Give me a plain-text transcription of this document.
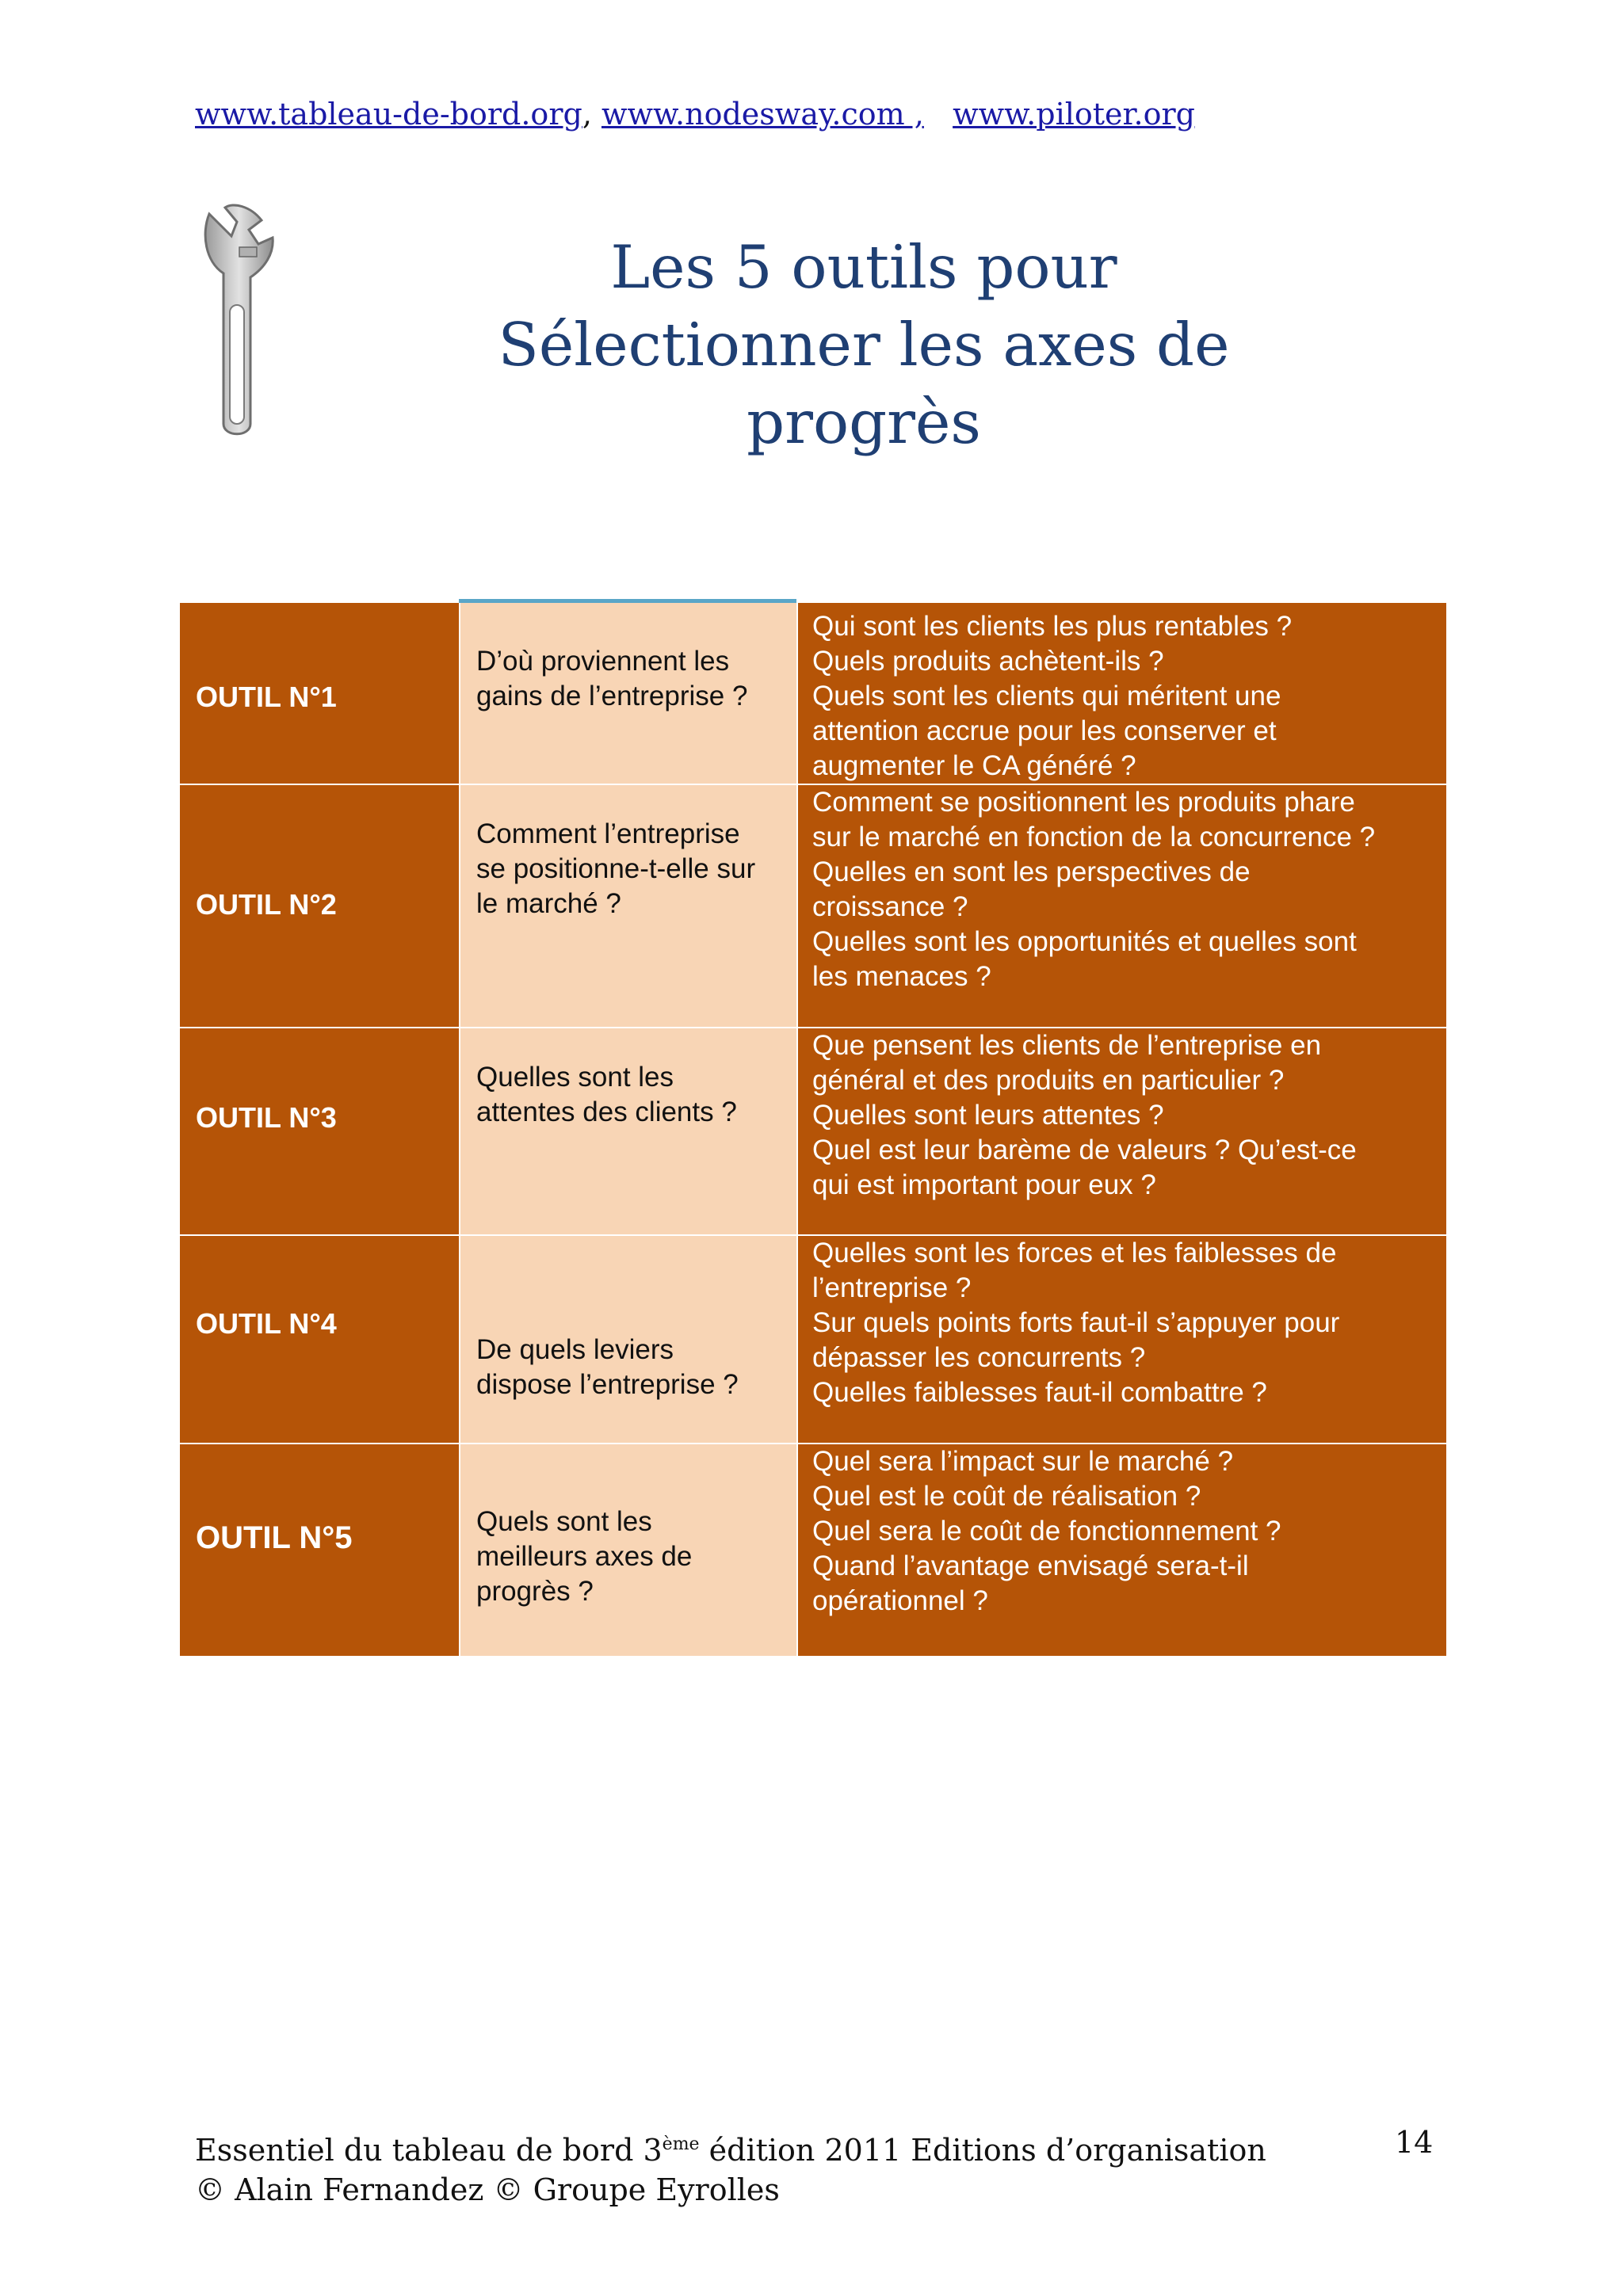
www.tableau-de-bord.org, www.nodesway.com , www.piloter.org
Les 5 outils pour
Sélectionner les axes de progrès
OUTIL N°1
D’où proviennent les
gains de l’entreprise ?
Qui sont les clients les plus rentables ?
Quels produits achètent-ils ?
Quels sont les clients qui méritent une
attention accrue pour les conserver et
augmenter le CA généré ?
OUTIL N°2
Comment l’entreprise
se positionne-t-elle sur
le marché ?
Comment se positionnent les produits phare
sur le marché en fonction de la concurrence ?
Quelles en sont les perspectives de
croissance ?
Quelles sont les opportunités et quelles sont
les menaces ?
OUTIL N°3
Quelles sont les
attentes des clients ?
Que pensent les clients de l’entreprise en
général et des produits en particulier ?
Quelles sont leurs attentes ?
Quel est leur barème de valeurs ? Qu’est-ce
qui est important pour eux ?
OUTIL N°4
De quels leviers
dispose l’entreprise ?
Quelles sont les forces et les faiblesses de
l’entreprise ?
Sur quels points forts faut-il s’appuyer pour
dépasser les concurrents ?
Quelles faiblesses faut-il combattre ?
OUTIL N°5	Quels sont les
meilleurs axes de
progrès ?
Quel sera l’impact sur le marché ?
Quel est le coût de réalisation ?
Quel sera le coût de fonctionnement ?
Quand l’avantage envisagé sera-t-il
opérationnel ?
Essentiel du tableau de bord 3ème édition 2011 Editions d’organisation
© Alain Fernandez © Groupe Eyrolles
14
